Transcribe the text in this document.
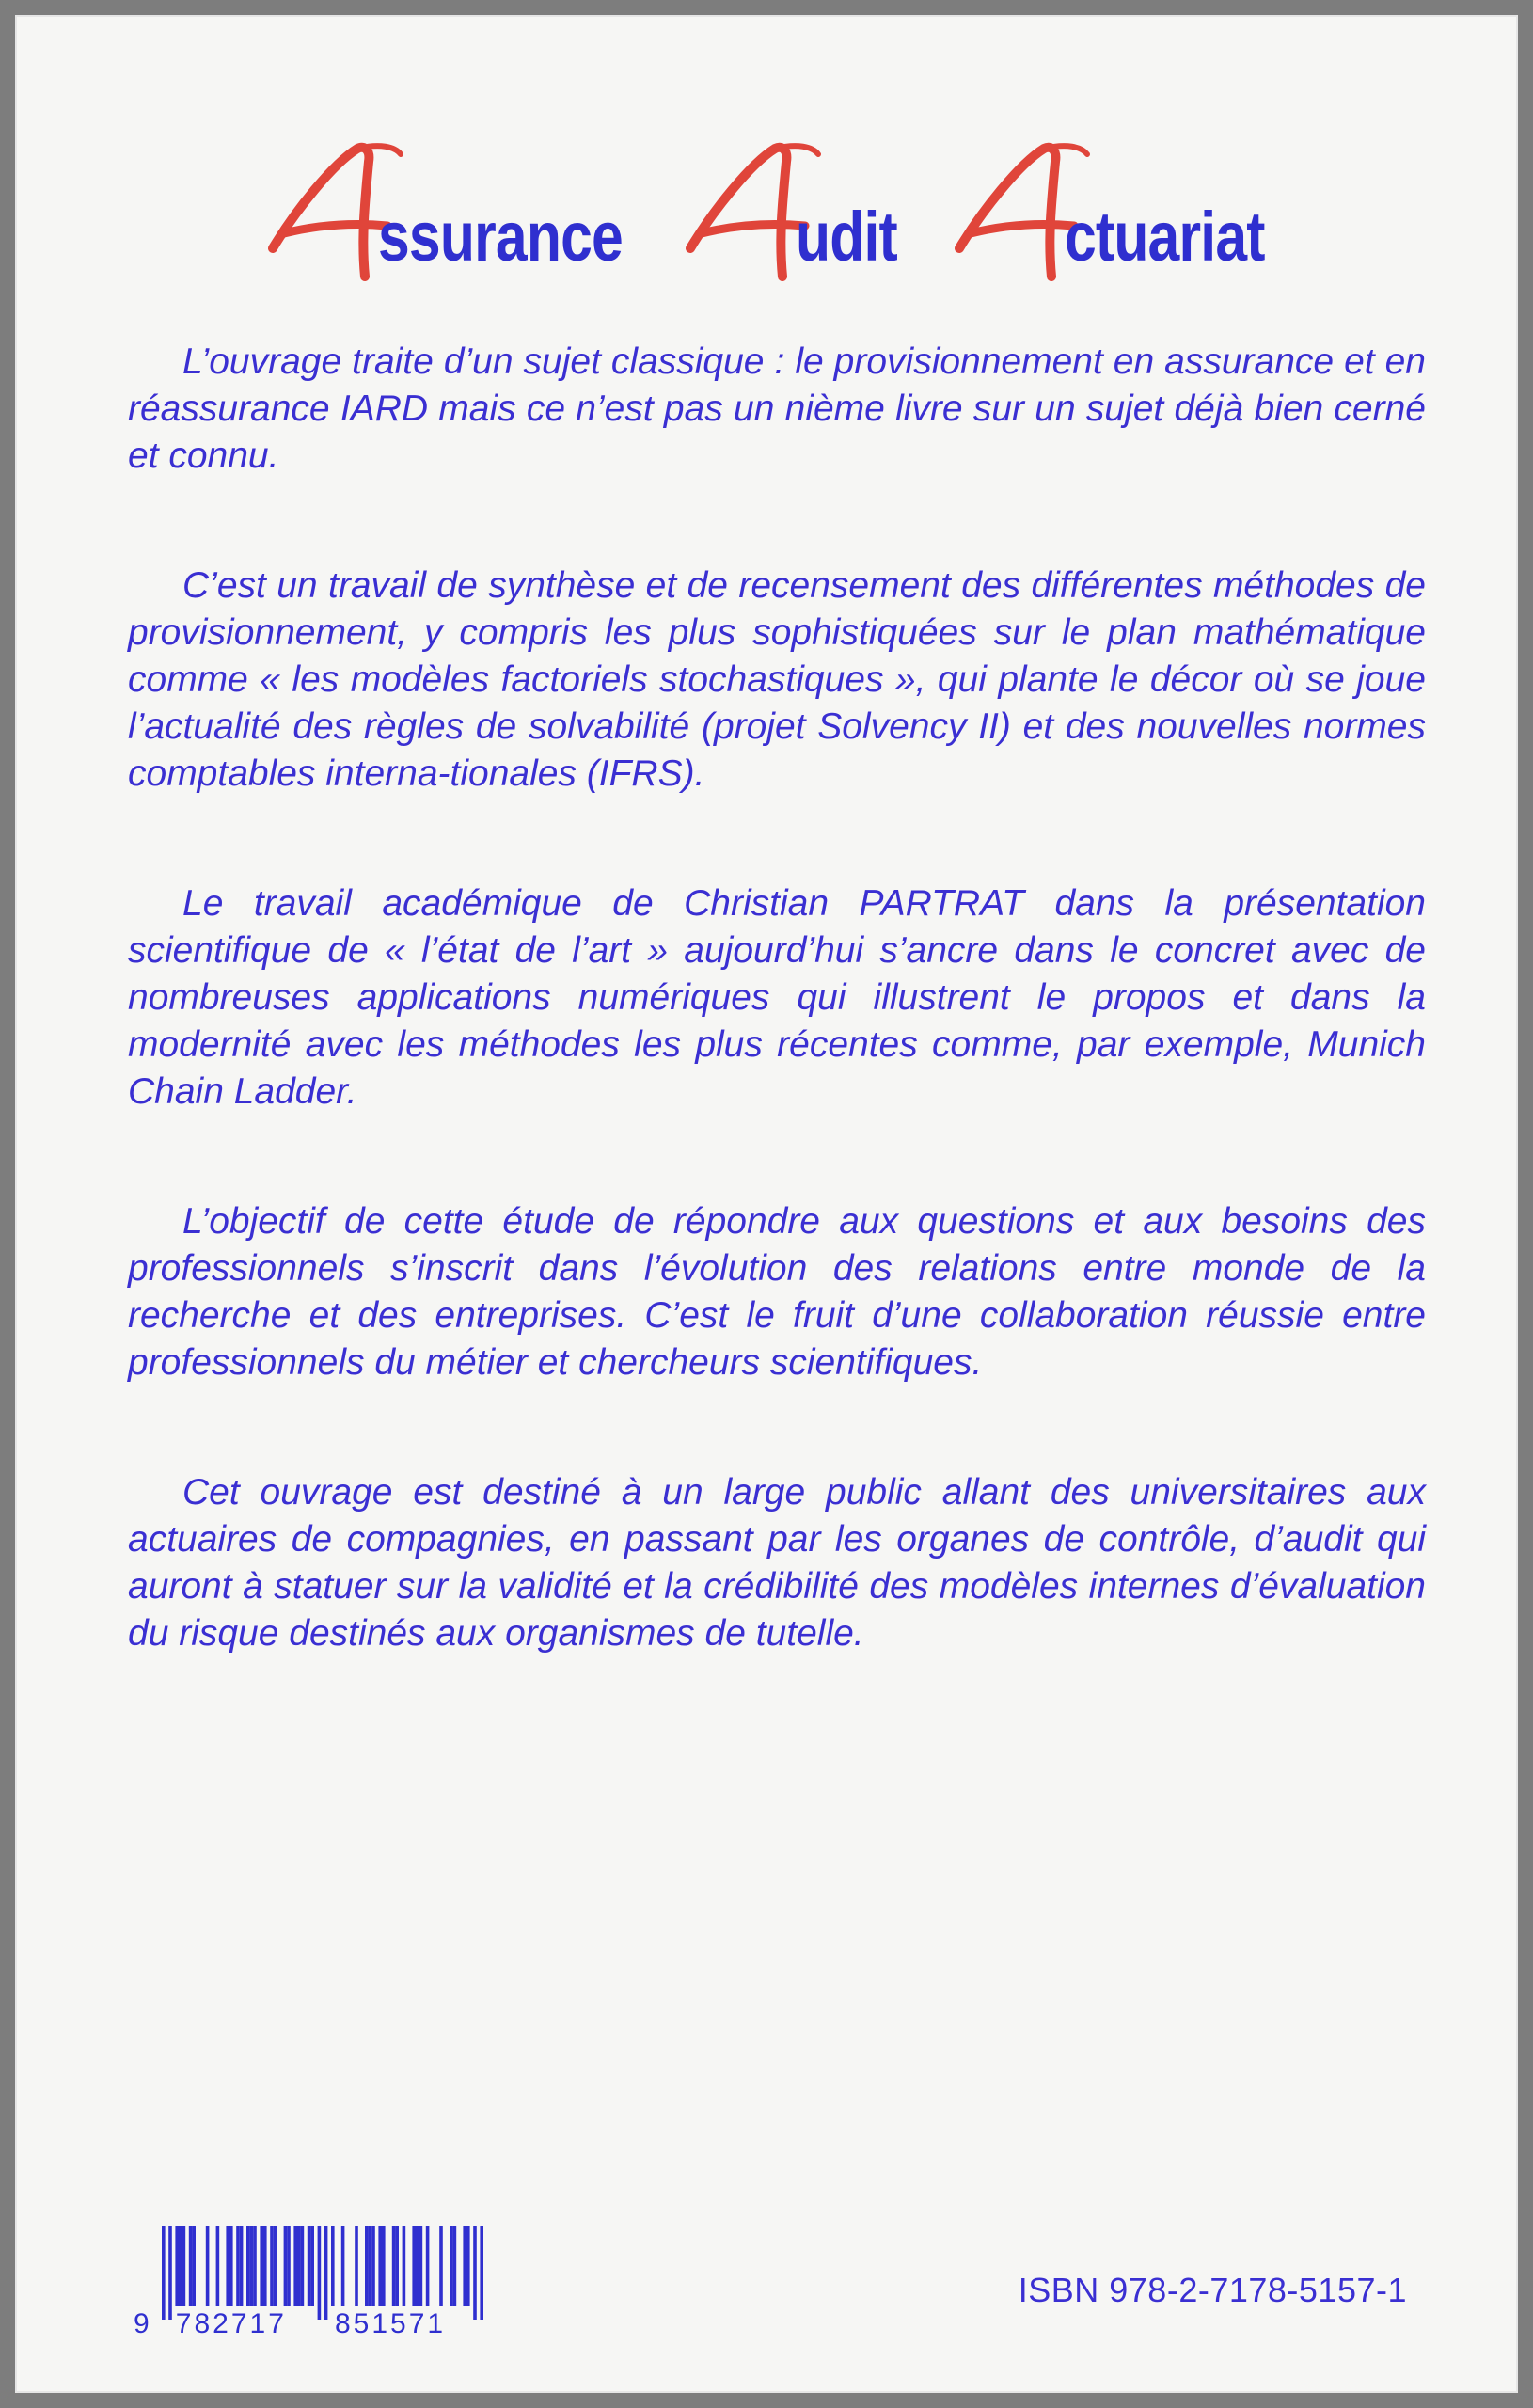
ssurance udit ctuariat

L’ouvrage traite d’un sujet classique : le provisionnement en assurance et en réassurance IARD mais ce n’est pas un nième livre sur un sujet déjà bien cerné et connu.

C’est un travail de synthèse et de recensement des différentes méthodes de provisionnement, y compris les plus sophistiquées sur le plan mathématique comme « les modèles factoriels stochastiques », qui plante le décor où se joue l’actualité des règles de solvabilité (projet Solvency II) et des nouvelles normes comptables interna-tionales (IFRS).

Le travail académique de Christian PARTRAT dans la présentation scientifique de « l’état de l’art » aujourd’hui s’ancre dans le concret avec de nombreuses applications numériques qui illustrent le propos et dans la modernité avec les méthodes les plus récentes comme, par exemple, Munich Chain Ladder.

L’objectif de cette étude de répondre aux questions et aux besoins des professionnels s’inscrit dans l’évolution des relations entre monde de la recherche et des entreprises. C’est le fruit d’une collaboration réussie entre professionnels du métier et chercheurs scientifiques.

Cet ouvrage est destiné à un large public allant des universitaires aux actuaires de compagnies, en passant par les organes de contrôle, d’audit qui auront à statuer sur la validité et la crédibilité des modèles internes d’évaluation du risque destinés aux organismes de tutelle.

9 782717 851571
ISBN 978-2-7178-5157-1
